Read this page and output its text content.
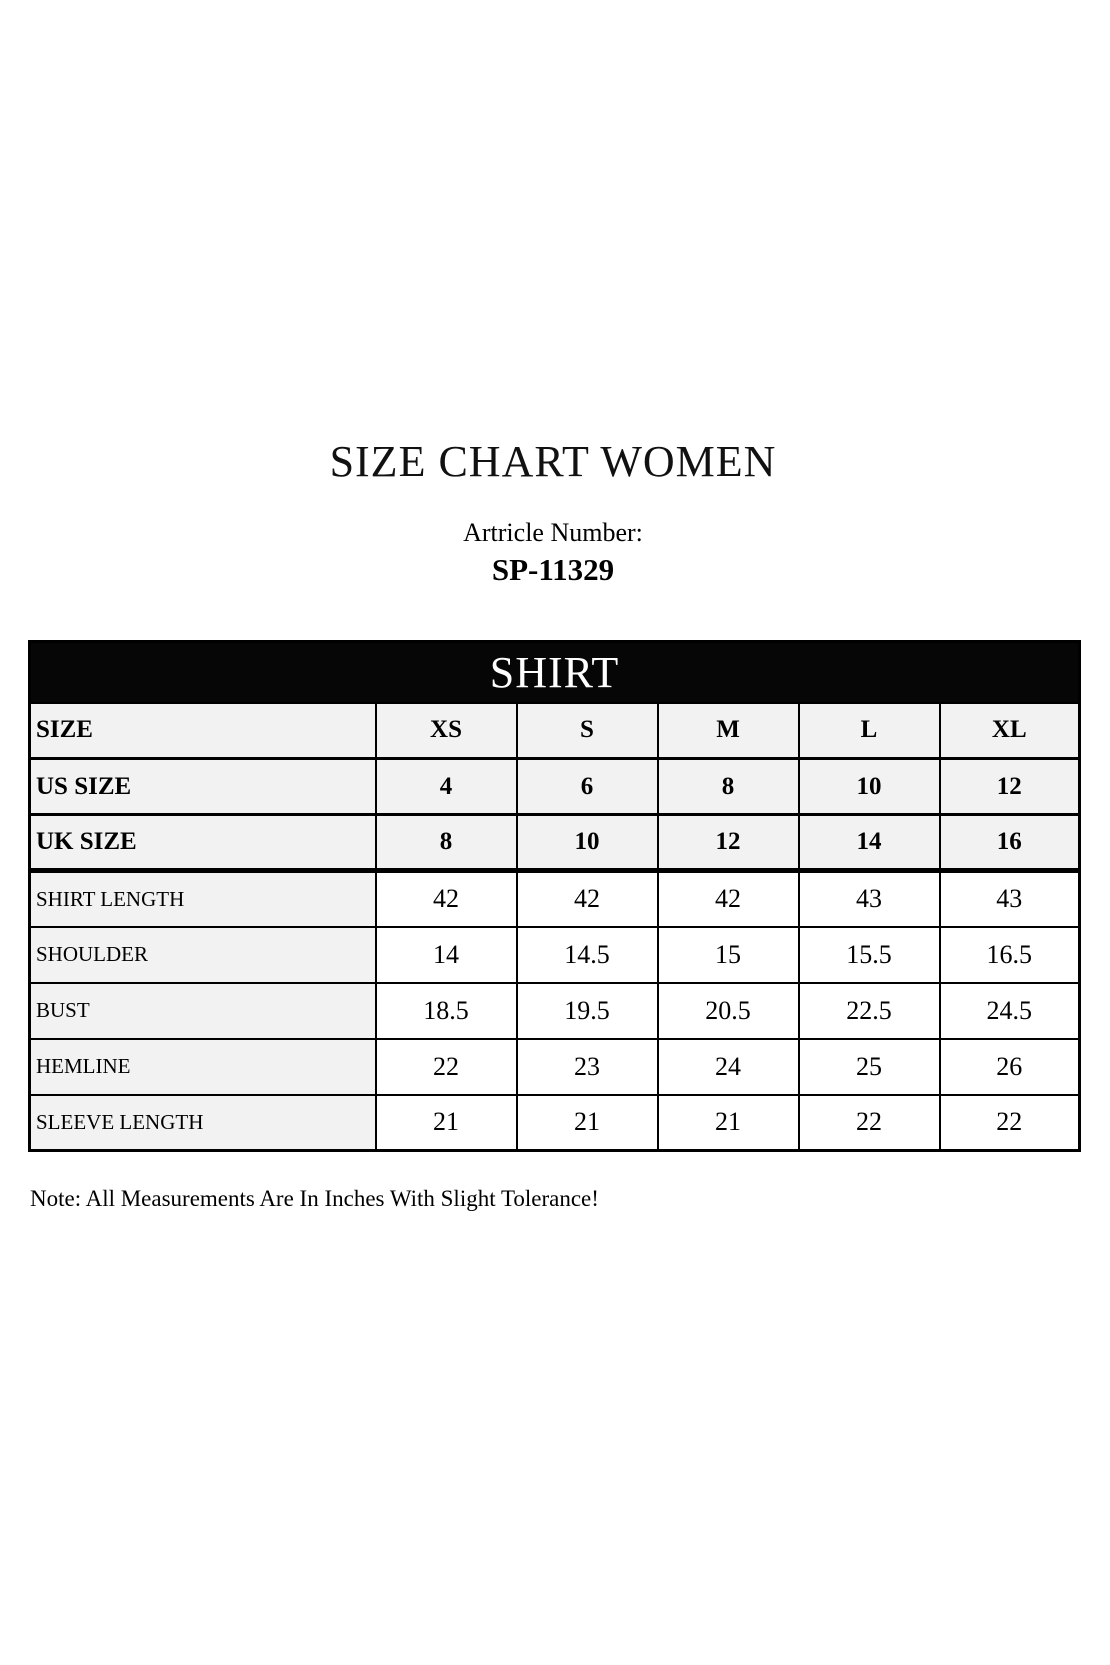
SIZE CHART WOMEN
Artricle Number:
SP-11329
SHIRT					
SIZE	XS	S	M	L	XL
US SIZE	4	6	8	10	12
UK SIZE	8	10	12	14	16
SHIRT LENGTH	42	42	42	43	43
SHOULDER	14	14.5	15	15.5	16.5
BUST	18.5	19.5	20.5	22.5	24.5
HEMLINE	22	23	24	25	26
SLEEVE LENGTH	21	21	21	22	22
Note: All Measurements Are In Inches With Slight Tolerance!
